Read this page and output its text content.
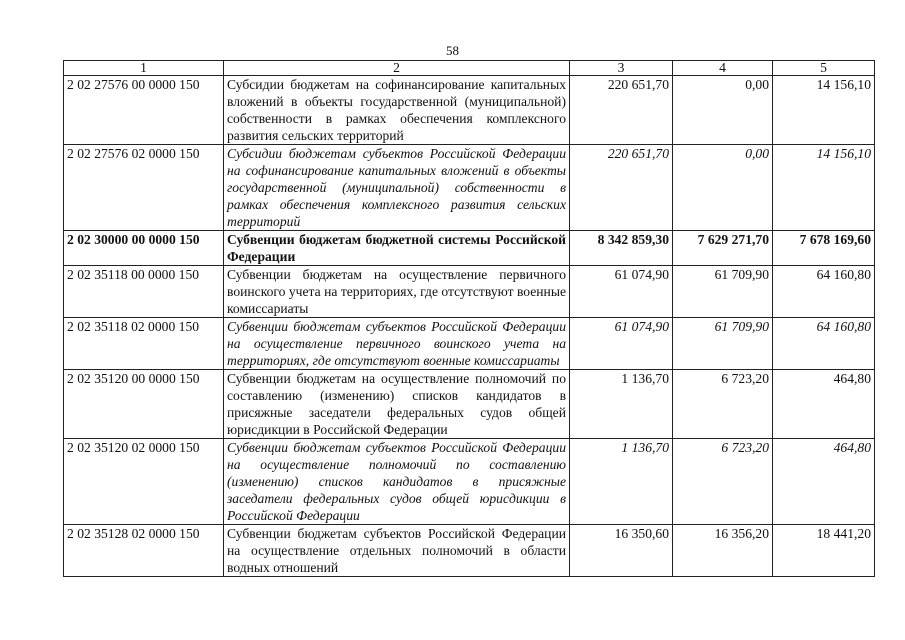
58
1	2	3	4	5
2 02 27576 00 0000 150	Субсидии бюджетам на софинансирование капитальных вложений в объекты государственной (муниципальной) собственности в рамках обеспечения комплексного развития сельских территорий	220 651,70	0,00	14 156,10
2 02 27576 02 0000 150	Субсидии бюджетам субъектов Российской Федерации на софинансирование капитальных вложений в объекты государственной (муниципальной) собственности в рамках обеспечения комплексного развития сельских территорий	220 651,70	0,00	14 156,10
2 02 30000 00 0000 150	Субвенции бюджетам бюджетной системы Российской Федерации	8 342 859,30	7 629 271,70	7 678 169,60
2 02 35118 00 0000 150	Субвенции бюджетам на осуществление первичного воинского учета на территориях, где отсутствуют военные комиссариаты	61 074,90	61 709,90	64 160,80
2 02 35118 02 0000 150	Субвенции бюджетам субъектов Российской Федерации на осуществление первичного воинского учета на территориях, где отсутствуют военные комиссариаты	61 074,90	61 709,90	64 160,80
2 02 35120 00 0000 150	Субвенции бюджетам на осуществление полномочий по составлению (изменению) списков кандидатов в присяжные заседатели федеральных судов общей юрисдикции в Российской Федерации	1 136,70	6 723,20	464,80
2 02 35120 02 0000 150	Субвенции бюджетам субъектов Российской Федерации на осуществление полномочий по составлению (изменению) списков кандидатов в присяжные заседатели федеральных судов общей юрисдикции в Российской Федерации	1 136,70	6 723,20	464,80
2 02 35128 02 0000 150	Субвенции бюджетам субъектов Российской Федерации на осуществление отдельных полномочий в области водных отношений	16 350,60	16 356,20	18 441,20
